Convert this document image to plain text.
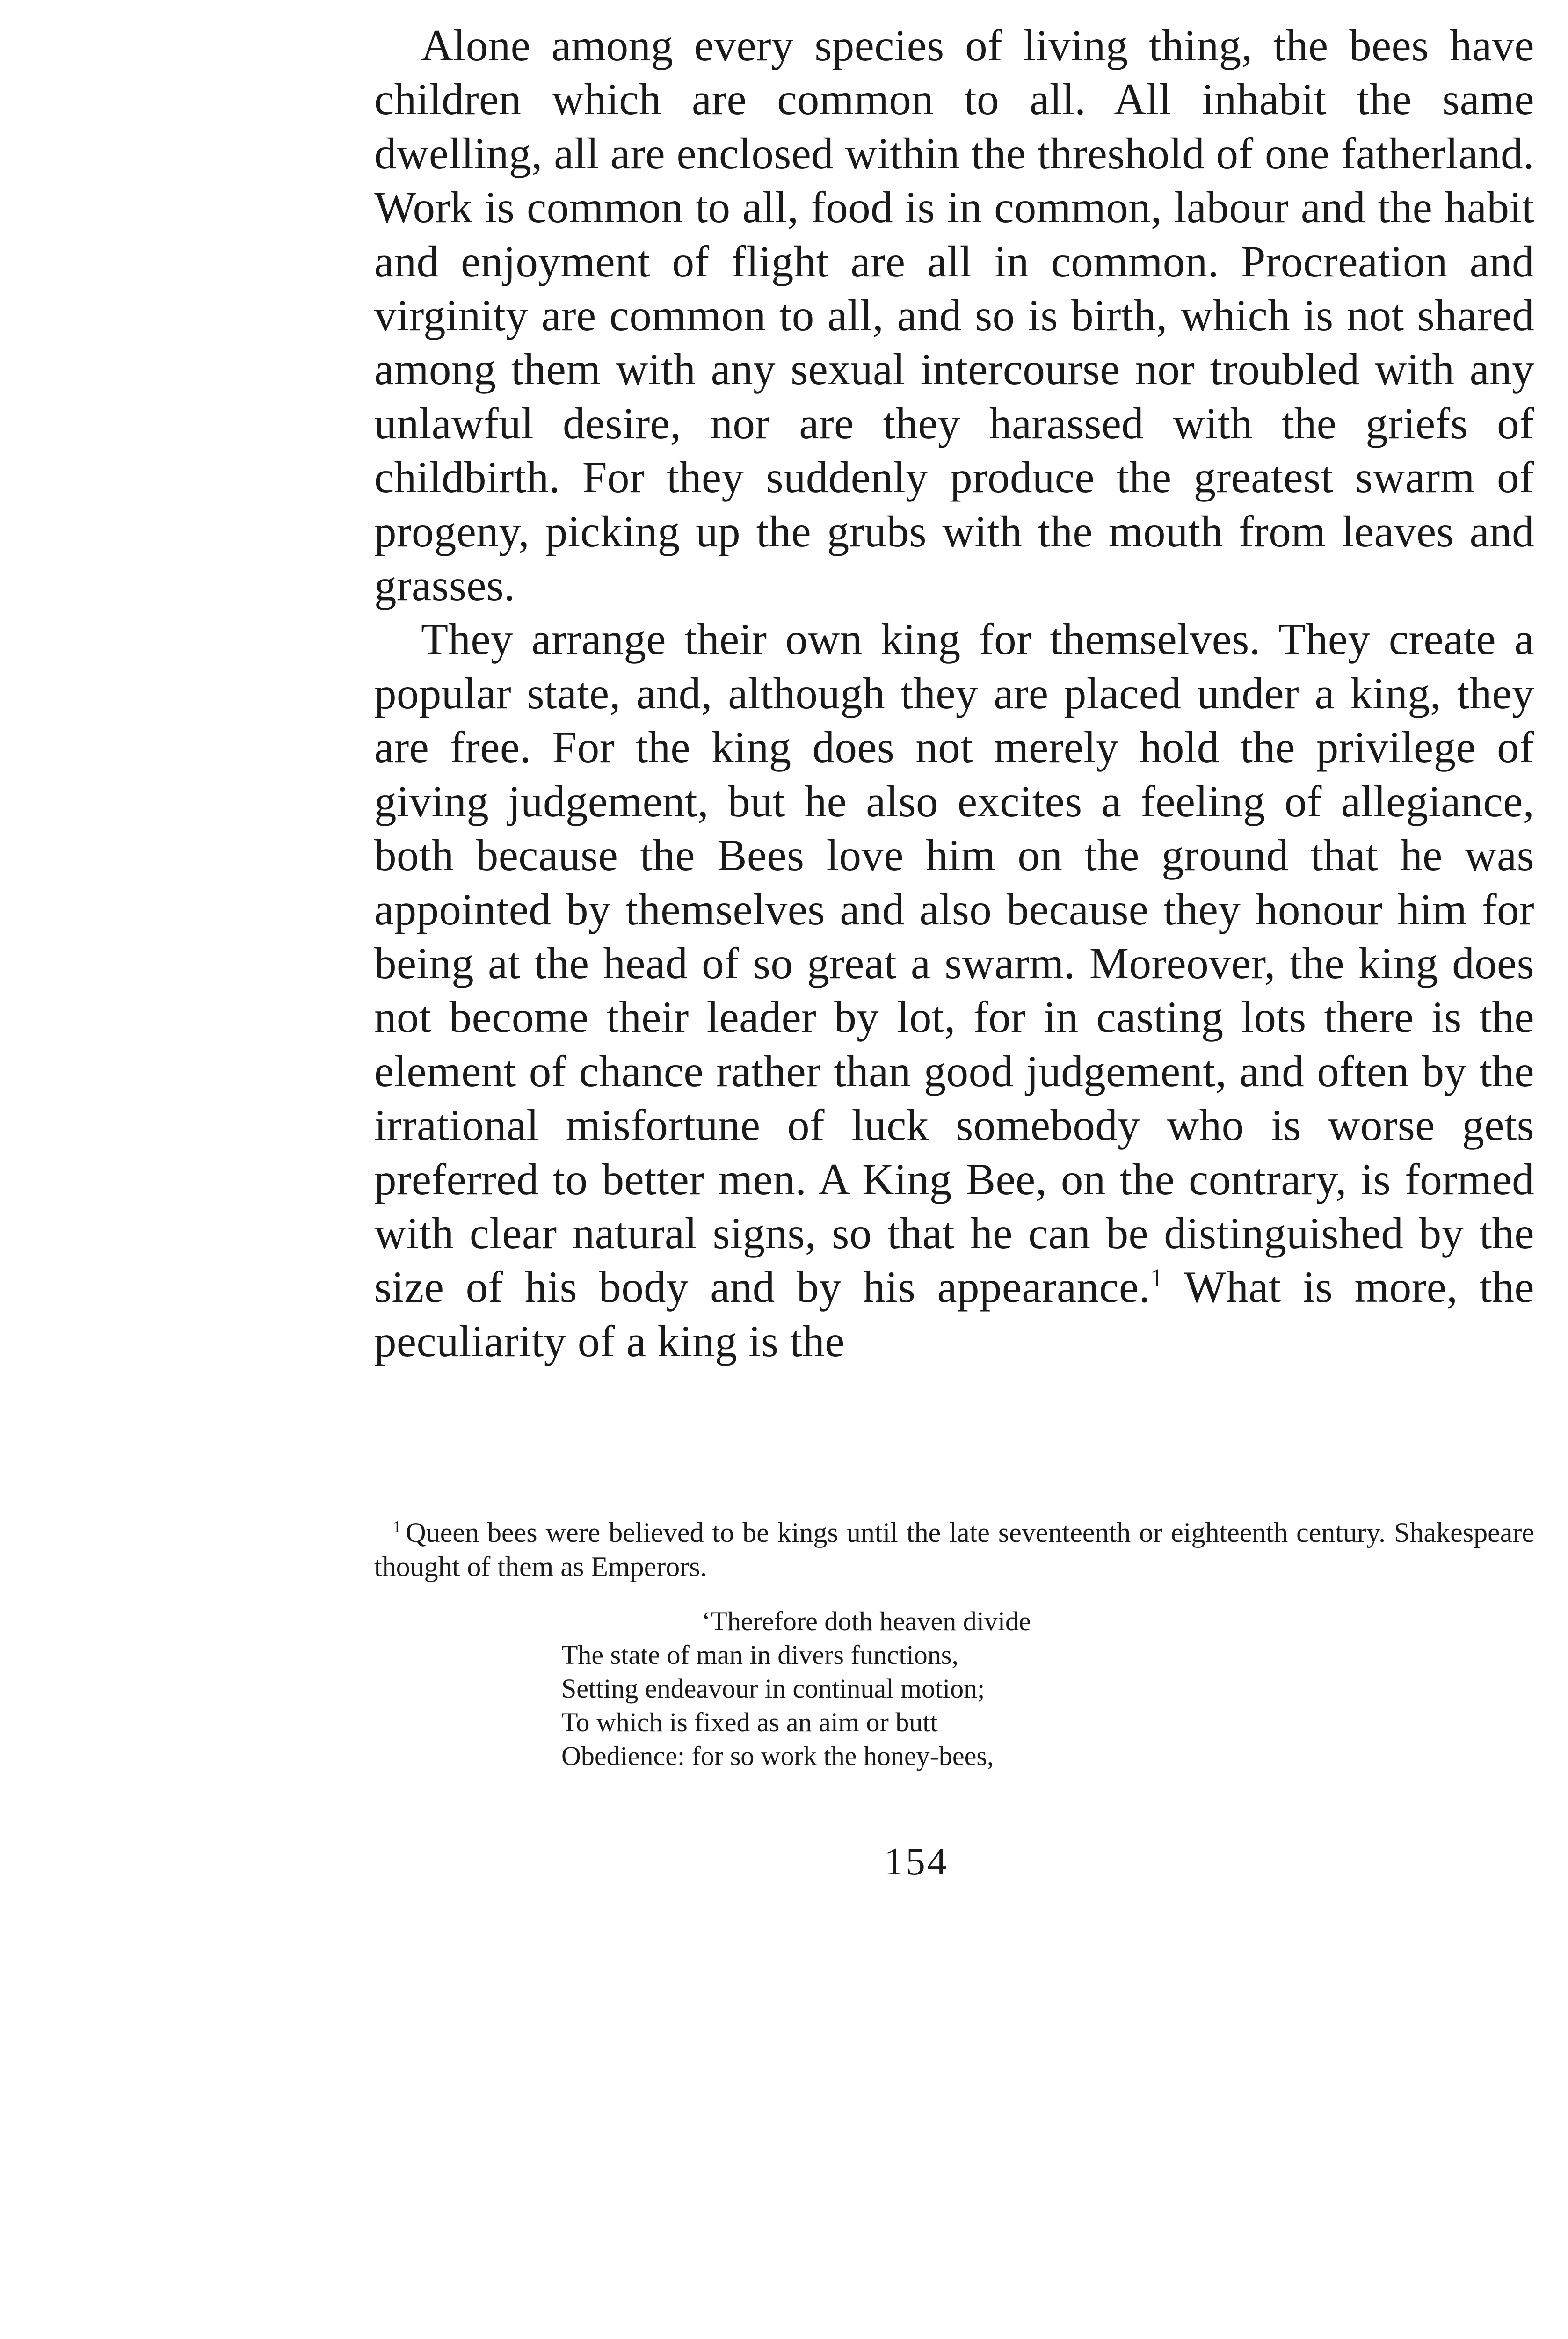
Alone among every species of living thing, the bees have children which are common to all. All inhabit the same dwelling, all are enclosed within the threshold of one fatherland. Work is common to all, food is in common, labour and the habit and enjoyment of flight are all in common. Procreation and virginity are common to all, and so is birth, which is not shared among them with any sexual intercourse nor troubled with any unlawful desire, nor are they harassed with the griefs of childbirth. For they suddenly produce the greatest swarm of progeny, picking up the grubs with the mouth from leaves and grasses.

They arrange their own king for themselves. They create a popular state, and, although they are placed under a king, they are free. For the king does not merely hold the privilege of giving judgement, but he also excites a feeling of allegiance, both because the Bees love him on the ground that he was appointed by themselves and also because they honour him for being at the head of so great a swarm. Moreover, the king does not become their leader by lot, for in casting lots there is the element of chance rather than good judgement, and often by the irrational misfortune of luck somebody who is worse gets preferred to better men. A King Bee, on the contrary, is formed with clear natural signs, so that he can be distinguished by the size of his body and by his appearance.$^1$ What is more, the peculiarity of a king is the

$^1$ Queen bees were believed to be kings until the late seventeenth or eighteenth century. Shakespeare thought of them as Emperors.

‘Therefore doth heaven divide
The state of man in divers functions,
Setting endeavour in continual motion;
To which is fixed as an aim or butt
Obedience: for so work the honey-bees,
154
